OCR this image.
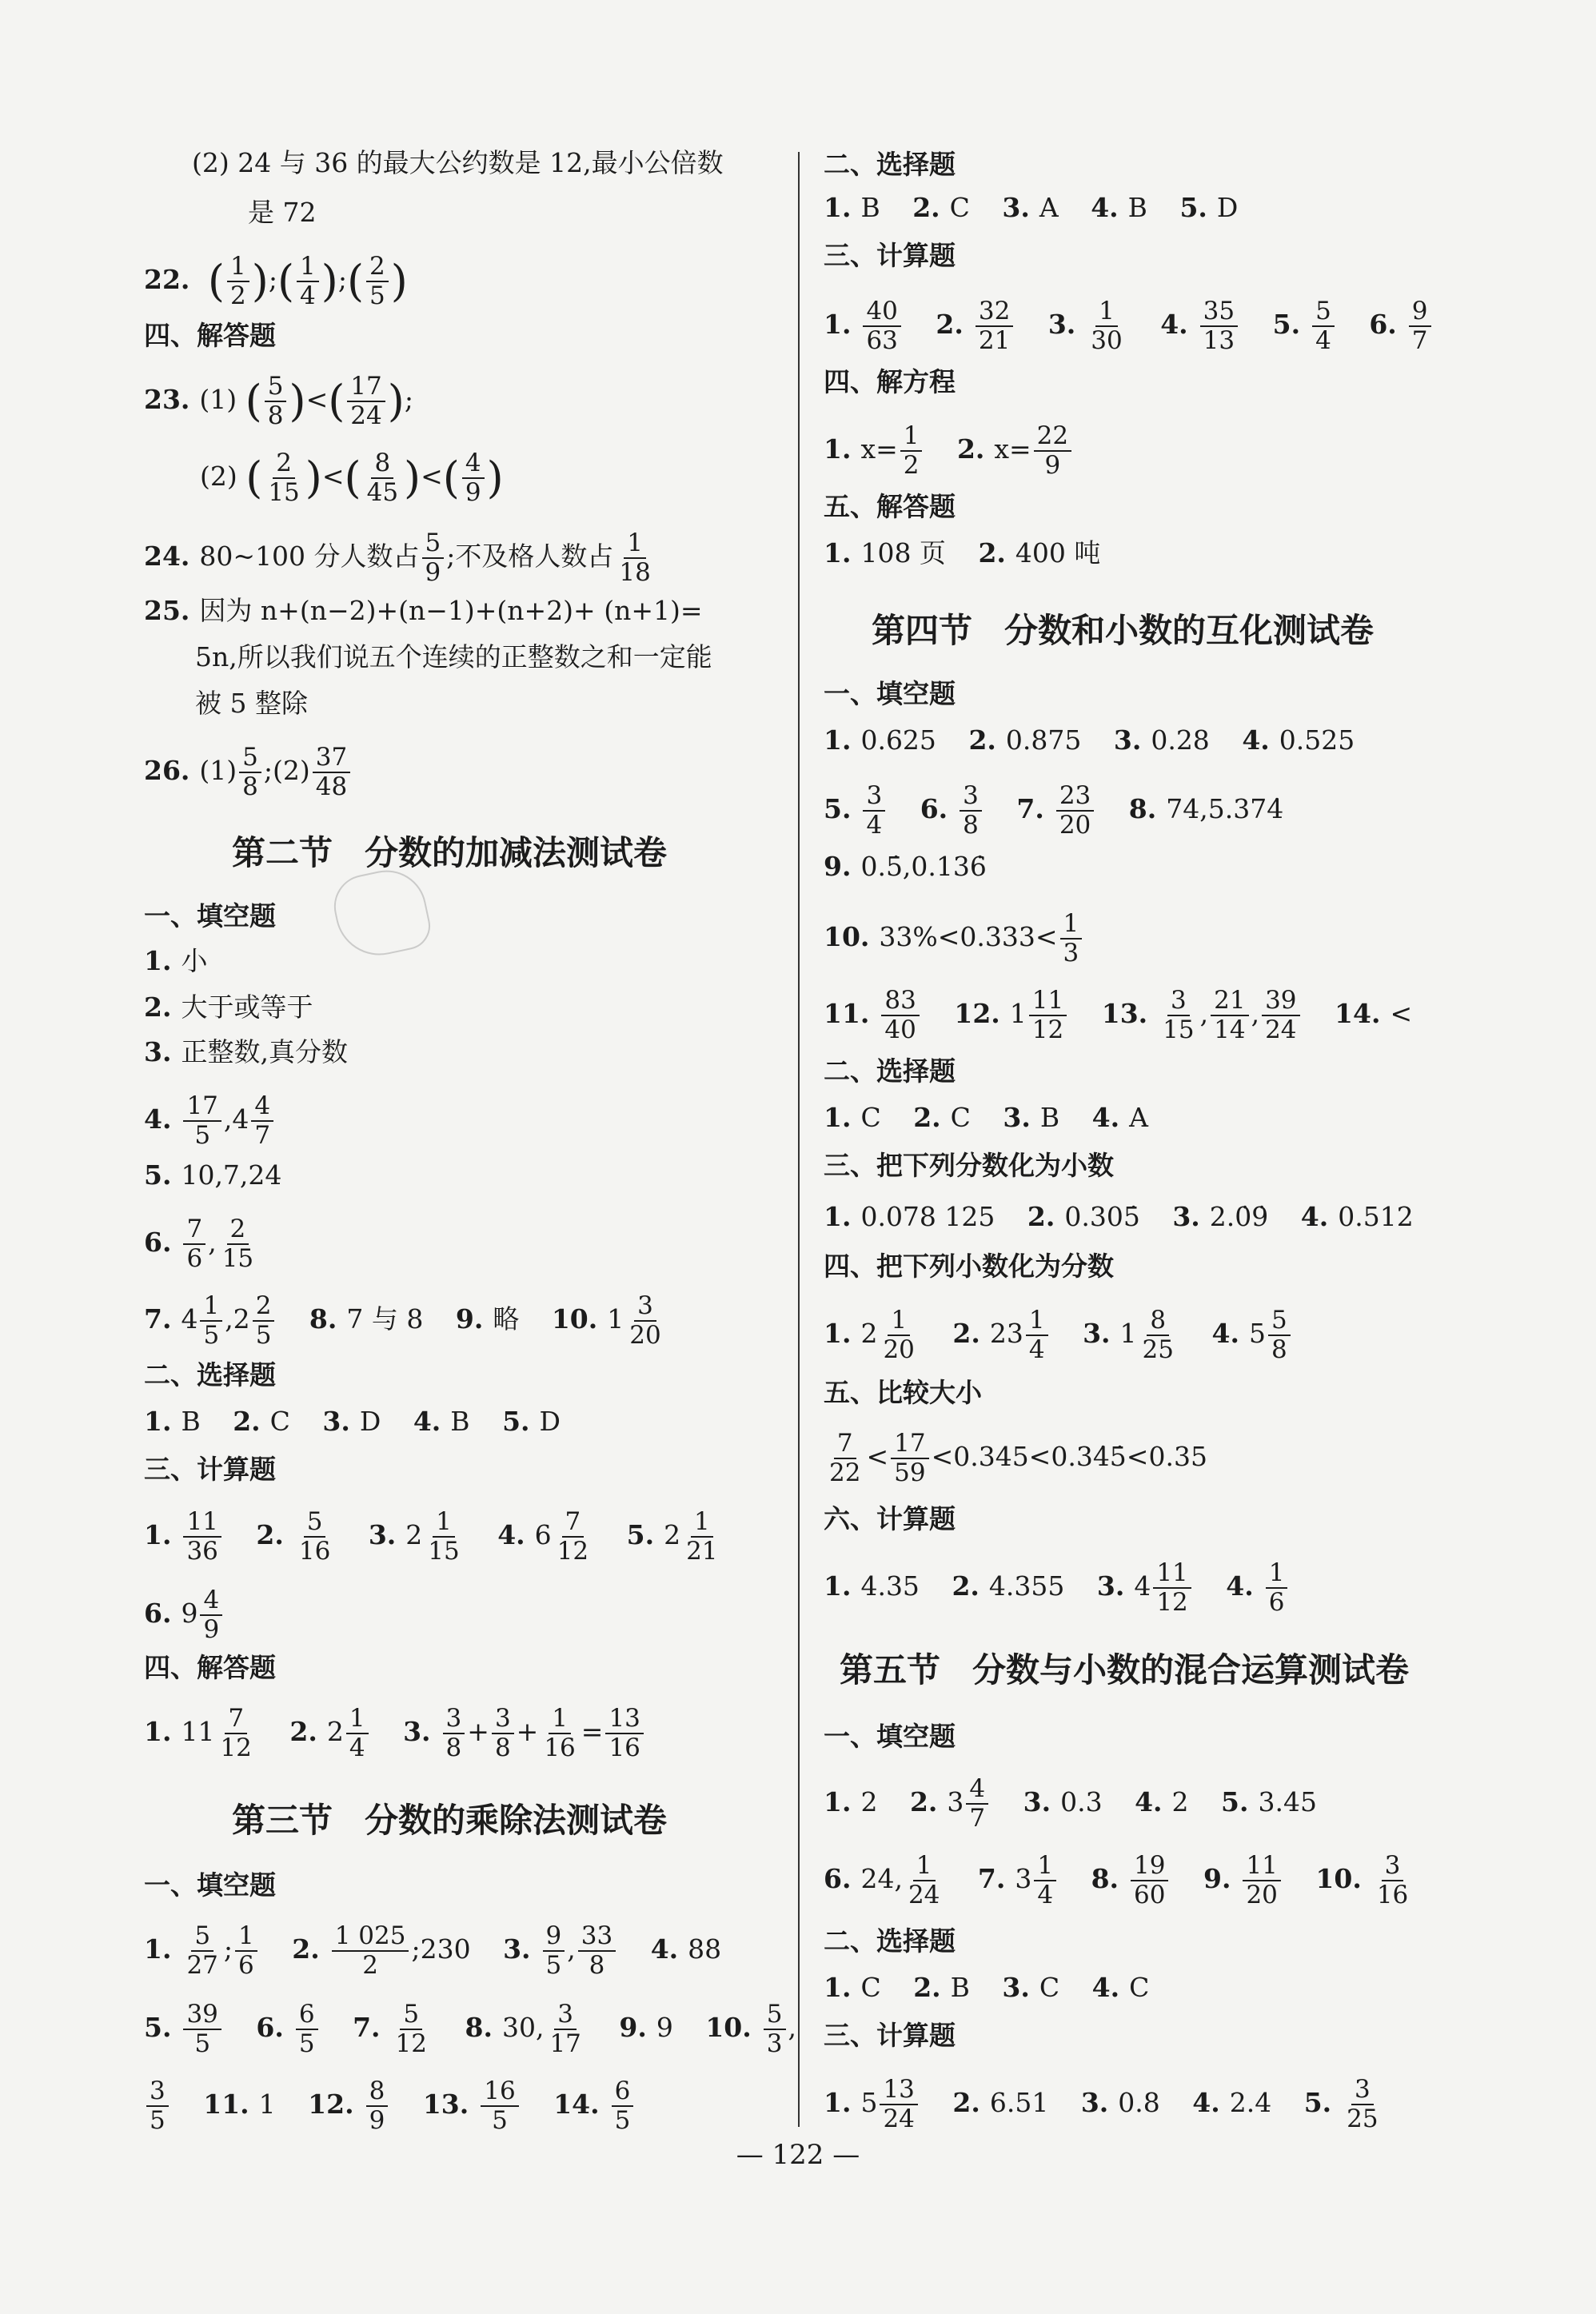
(2) 24 与 36 的最大公约数是 12,最小公倍数
是 72
22. ( $\frac{1}{2}$ );( $\frac{1}{4}$ );( $\frac{2}{5}$ )
四、解答题
23. (1) ( $\frac{5}{8}$ )<( $\frac{17}{24}$ );
(2) ( $\frac{2}{15}$ )<( $\frac{8}{45}$ )<( $\frac{4}{9}$ )
24. 80~100 分人数占 $\frac{5}{9}$ ;不及格人数占 $\frac{1}{18}$
25. 因为 n+(n−2)+(n−1)+(n+2)+ (n+1)=
5n,所以我们说五个连续的正整数之和一定能
被 5 整除
26. $(1) \frac{5}{8}$ ;(2) $\frac{37}{48}$
第二节 分数的加减法测试卷
一、填空题
1. 小
2. 大于或等于
3. 正整数,真分数
4. $\frac{17}{5} ,4 \frac{4}{7}$
5. 10,7,24
6. $\frac{7}{6}$ , $\frac{2}{15}$
7. $4 \frac{1}{5} ,2 \frac{2}{5} 8$. 7 与 8 9. 略 10. $1 \frac{3}{20}$
二、选择题
1. B 2. C 3. D 4. B 5. D
三、计算题
1. $\frac{11}{36} 2$. $\frac{5}{16} 3$. $2 \frac{1}{15} 4$. $6 \frac{7}{12} 5$. $2 \frac{1}{21}$
6. $9 \frac{4}{9}$
四、解答题
1. $11 \frac{7}{12} 2$. $2 \frac{1}{4} 3$. $\frac{3}{8} + \frac{3}{8} + \frac{1}{16} = \frac{13}{16}$
第三节 分数的乘除法测试卷
一、填空题
1. $\frac{5}{27}$ ; $\frac{1}{6} 2$. $\frac{1 025}{2}$ ;230 3. $\frac{9}{5}$ , $\frac{33}{8} 4$. 88
5. $\frac{39}{5} 6$. $\frac{6}{5} 7$. $\frac{5}{12} 8$. 30, $\frac{3}{17} 9$. 9 10. $\frac{5}{3}$ ,
$\frac{3}{5} 11$. 1 12. $\frac{8}{9} 13$. $\frac{16}{5} 14$. $\frac{6}{5}$
二、选择题
1. B 2. C 3. A 4. B 5. D
三、计算题
1. $\frac{40}{63} 2$. $\frac{32}{21} 3$. $\frac{1}{30} 4$. $\frac{35}{13} 5$. $\frac{5}{4} 6$. $\frac{9}{7}$
四、解方程
1. $x= \frac{1}{2} 2$. $x= \frac{22}{9}$
五、解答题
1. 108 页 2. 400 吨
第四节 分数和小数的互化测试卷
一、填空题
1. 0.625 2. 0.875 3. 0.28 4. 0.525
5. $\frac{3}{4} 6$. $\frac{3}{8} 7$. $\frac{23}{20} 8$. 74,5.374̇
9. 0.5̇,0.136̇
10. $33\%<0.333< \frac{1}{3}$
11. $\frac{83}{40} 12$. $1 \frac{11}{12} 13$. $\frac{3}{15}$ , $\frac{21}{14}$ , $\frac{39}{24} 14$. <
二、选择题
1. C 2. C 3. B 4. A
三、把下列分数化为小数
1. 0.078 125 2. 0.305̇ 3. 2.0̇9̇ 4. 0.512
四、把下列小数化为分数
1. $2 \frac{1}{20} 2$. $23 \frac{1}{4} 3$. $1 \frac{8}{25} 4$. $5 \frac{5}{8}$
五、比较大小
$\frac{7}{22} < \frac{17}{59}$ <0.345<0.34̇5̇<0.35
六、计算题
1. 4.35 2. 4.355 3. $4 \frac{11}{12} 4$. $\frac{1}{6}$
第五节 分数与小数的混合运算测试卷
一、填空题
1. 2 2. $3 \frac{4}{7} 3$. 0.3 4. 2 5. 3.45
6. 24, $\frac{1}{24} 7$. $3 \frac{1}{4} 8$. $\frac{19}{60} 9$. $\frac{11}{20} 10$. $\frac{3}{16}$
二、选择题
1. C 2. B 3. C 4. C
三、计算题
1. $5 \frac{13}{24} 2$. 6.51 3. 0.8 4. 2.4 5. $\frac{3}{25}$
— 122 —
